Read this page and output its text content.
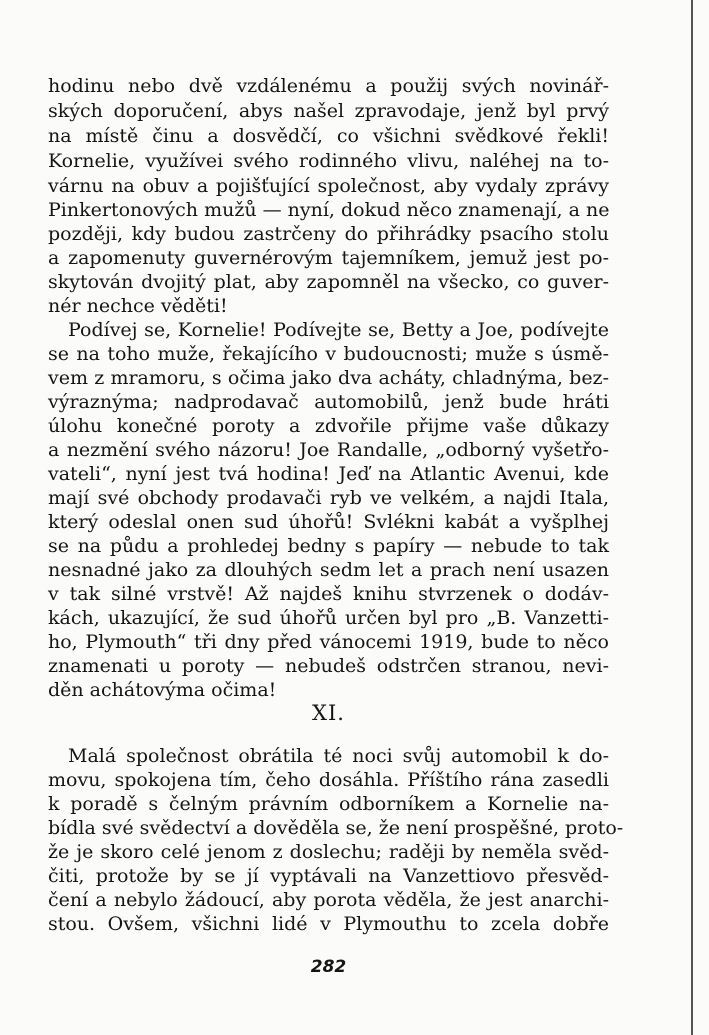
hodinu nebo dvě vzdálenému a použij svých novinář-
ských doporučení, abys našel zpravodaje, jenž byl prvý
na místě činu a dosvědčí, co všichni svědkové řekli!
Kornelie, využívei svého rodinného vlivu, naléhej na to-
várnu na obuv a pojišťující společnost, aby vydaly zprávy
Pinkertonových mužů — nyní, dokud něco znamenají, a ne
později, kdy budou zastrčeny do přihrádky psacího stolu
a zapomenuty guvernérovým tajemníkem, jemuž jest po-
skytován dvojitý plat, aby zapomněl na všecko, co guver-
nér nechce věděti!
Podívej se, Kornelie! Podívejte se, Betty a Joe, podívejte
se na toho muže, řekajícího v budoucnosti; muže s úsmě-
vem z mramoru, s očima jako dva acháty, chladnýma, bez-
výraznýma; nadprodavač automobilů, jenž bude hráti
úlohu konečné poroty a zdvořile přijme vaše důkazy
a nezmění svého názoru! Joe Randalle, „odborný vyšetřo-
vateli“, nyní jest tvá hodina! Jeď na Atlantic Avenui, kde
mají své obchody prodavači ryb ve velkém, a najdi Itala,
který odeslal onen sud úhořů! Svlékni kabát a vyšplhej
se na půdu a prohledej bedny s papíry — nebude to tak
nesnadné jako za dlouhých sedm let a prach není usazen
v tak silné vrstvě! Až najdeš knihu stvrzenek o dodáv-
kách, ukazující, že sud úhořů určen byl pro „B. Vanzetti-
ho, Plymouth“ tři dny před vánocemi 1919, bude to něco
znamenati u poroty — nebudeš odstrčen stranou, nevi-
děn achátovýma očima!
XI.
Malá společnost obrátila té noci svůj automobil k do-
movu, spokojena tím, čeho dosáhla. Příštího rána zasedli
k poradě s čelným právním odborníkem a Kornelie na-
bídla své svědectví a dověděla se, že není prospěšné, proto-
že je skoro celé jenom z doslechu; raději by neměla svěd-
čiti, protože by se jí vyptávali na Vanzettiovo přesvěd-
čení a nebylo žádoucí, aby porota věděla, že jest anarchi-
stou. Ovšem, všichni lidé v Plymouthu to zcela dobře
282
